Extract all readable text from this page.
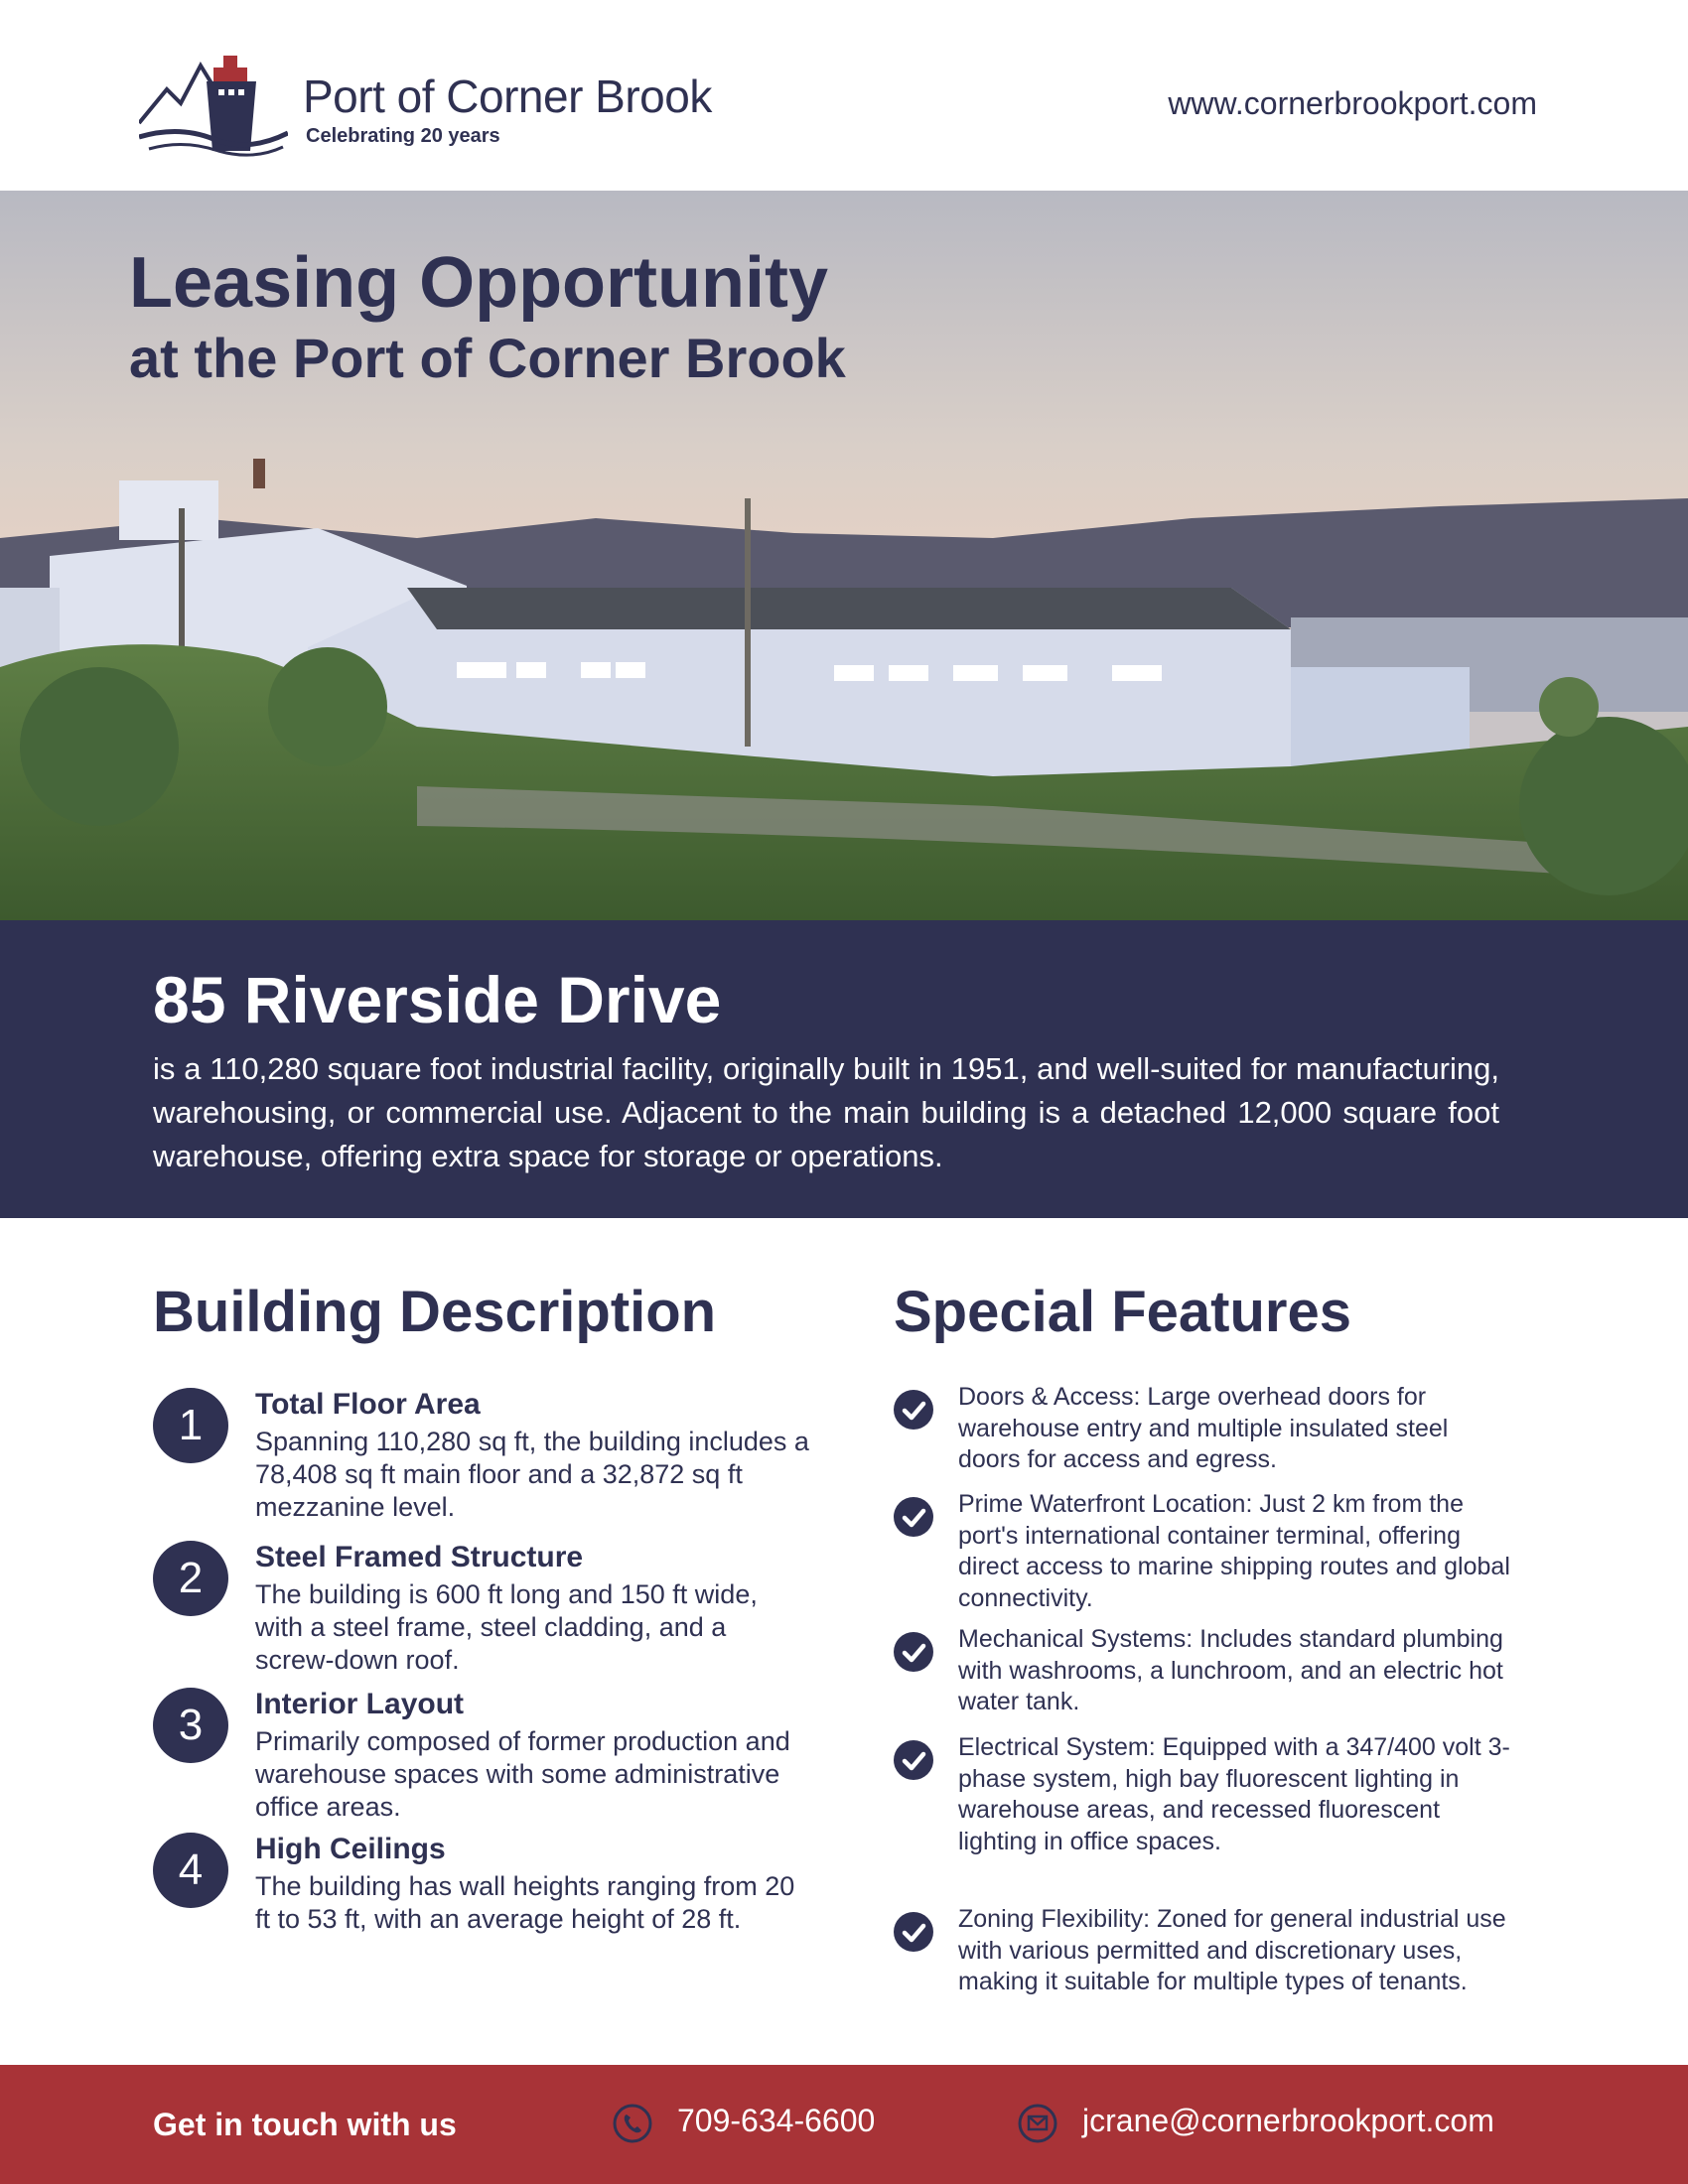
Port of Corner Brook
Celebrating 20 years
www.cornerbrookport.com
Leasing Opportunity
at the Port of Corner Brook
85 Riverside Drive
is a 110,280 square foot industrial facility, originally built in 1951, and well-suited for manufacturing, warehousing, or commercial use. Adjacent to the main building is a detached 12,000 square foot warehouse, offering extra space for storage or operations.
Building Description	Special Features
1	Total Floor Area
Spanning 110,280 sq ft, the building includes a 78,408 sq ft main floor and a 32,872 sq ft mezzanine level.
2	Steel Framed Structure
The building is 600 ft long and 150 ft wide, with a steel frame, steel cladding, and a screw-down roof.
3	Interior Layout
Primarily composed of former production and warehouse spaces with some administrative office areas.
4	High Ceilings
The building has wall heights ranging from 20 ft to 53 ft, with an average height of 28 ft.
Doors & Access: Large overhead doors for warehouse entry and multiple insulated steel doors for access and egress.
Prime Waterfront Location: Just 2 km from the port's international container terminal, offering direct access to marine shipping routes and global connectivity.
Mechanical Systems: Includes standard plumbing with washrooms, a lunchroom, and an electric hot water tank.
Electrical System: Equipped with a 347/400 volt 3-phase system, high bay fluorescent lighting in warehouse areas, and recessed fluorescent lighting in office spaces.
Zoning Flexibility: Zoned for general industrial use with various permitted and discretionary uses, making it suitable for multiple types of tenants.
Get in touch with us	709-634-6600	jcrane@cornerbrookport.com
